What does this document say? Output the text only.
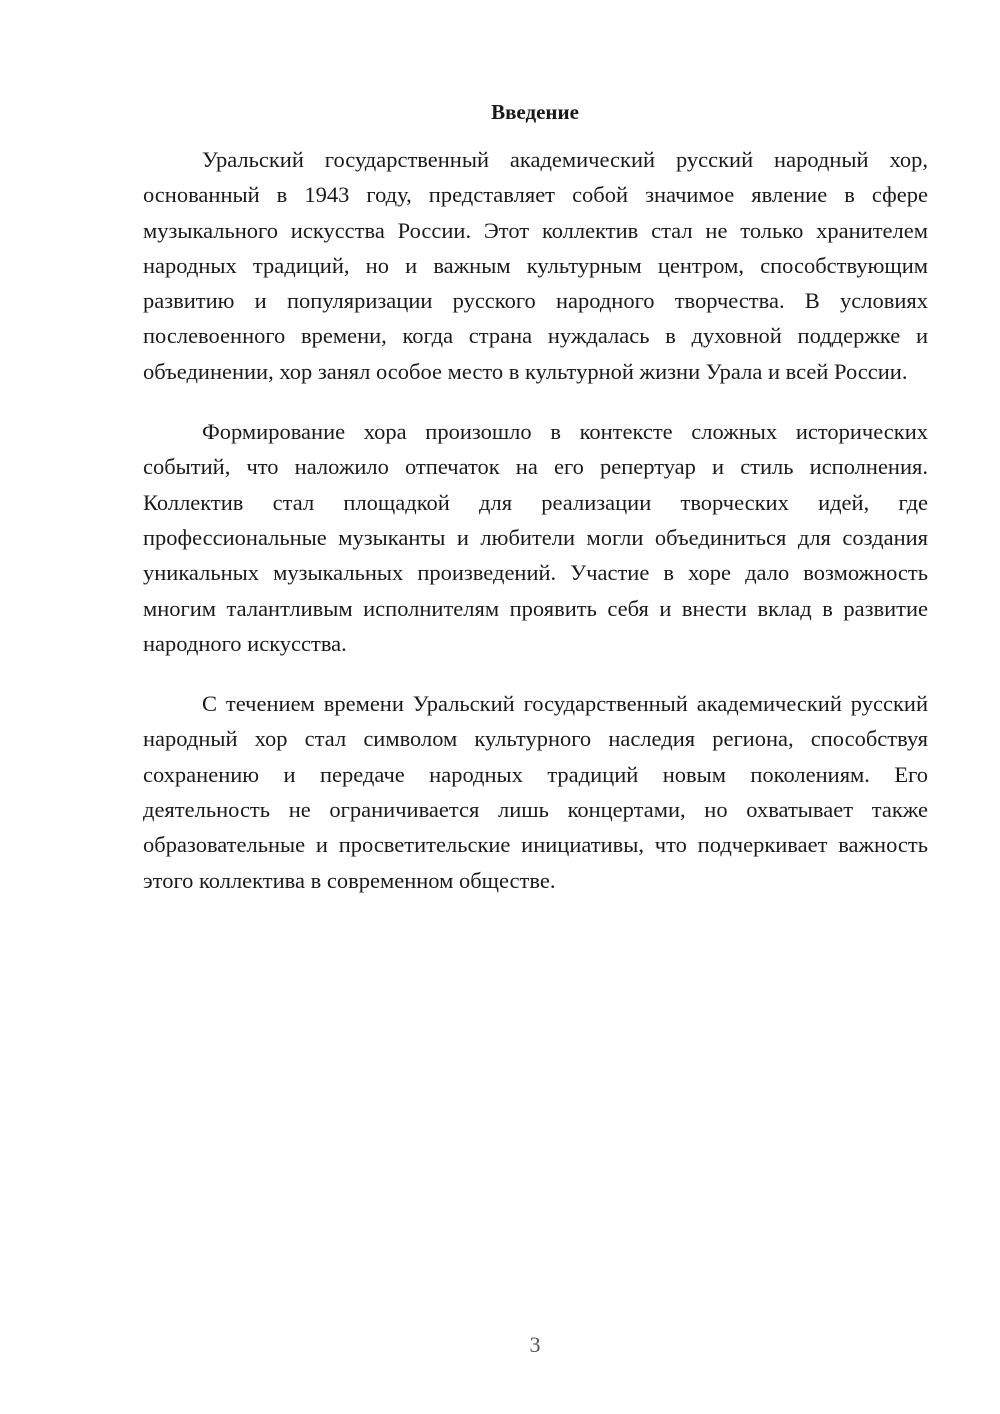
Введение

Уральский государственный академический русский народный хор, основанный в 1943 году, представляет собой значимое явление в сфере музыкального искусства России. Этот коллектив стал не только хранителем народных традиций, но и важным культурным центром, способствующим развитию и популяризации русского народного творчества. В условиях послевоенного времени, когда страна нуждалась в духовной поддержке и объединении, хор занял особое место в культурной жизни Урала и всей России.

Формирование хора произошло в контексте сложных исторических событий, что наложило отпечаток на его репертуар и стиль исполнения. Коллектив стал площадкой для реализации творческих идей, где профессиональные музыканты и любители могли объединиться для создания уникальных музыкальных произведений. Участие в хоре дало возможность многим талантливым исполнителям проявить себя и внести вклад в развитие народного искусства.

С течением времени Уральский государственный академический русский народный хор стал символом культурного наследия региона, способствуя сохранению и передаче народных традиций новым поколениям. Его деятельность не ограничивается лишь концертами, но охватывает также образовательные и просветительские инициативы, что подчеркивает важность этого коллектива в современном обществе.

3
